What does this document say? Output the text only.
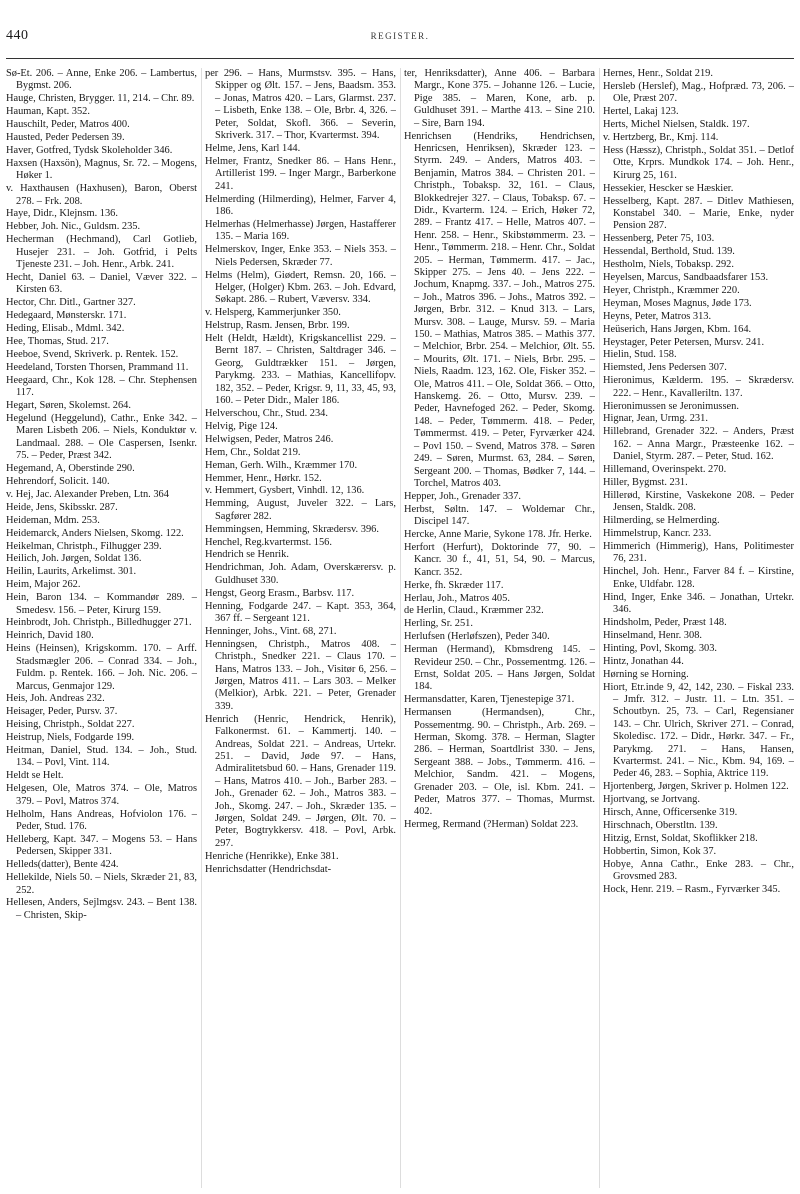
440	REGISTER.
Sø-Et. 206. – Anne, Enke 206. – Lambertus, Bygmst. 206.
Hauge, Christen, Brygger. 11, 214. – Chr. 89.
Hauman, Kapt. 352.
Hauschilt, Peder, Matros 400.
Hausted, Peder Pedersen 39.
Haver, Gotfred, Tydsk Skoleholder 346.
Haxsen (Haxsön), Magnus, Sr. 72. – Mogens, Høker 1.
v. Haxthausen (Haxhusen), Baron, Oberst 278. – Frk. 208.
Haye, Didr., Klejnsm. 136.
Hebber, Joh. Nic., Guldsm. 235.
Hecherman (Hechmand), Carl Gotlieb, Husejer 231. – Joh. Gotfrid, i Pelts Tjeneste 231. – Joh. Henr., Arbk. 241.
Hecht, Daniel 63. – Daniel, Væver 322. – Kirsten 63.
Hector, Chr. Ditl., Gartner 327.
Hedegaard, Mønsterskr. 171.
Heding, Elisab., Mdml. 342.
Hee, Thomas, Stud. 217.
Heeboe, Svend, Skriverk. p. Rentek. 152.
Heedeland, Torsten Thorsen, Prammand 11.
Heegaard, Chr., Kok 128. – Chr. Stephensen 117.
Hegart, Søren, Skolemst. 264.
Hegelund (Heggelund), Cathr., Enke 342. – Maren Lisbeth 206. – Niels, Konduktør v. Landmaal. 288. – Ole Caspersen, Isenkr. 75. – Peder, Præst 342.
Hegemand, A, Oberstinde 290.
Hehrendorf, Solicit. 140.
v. Hej, Jac. Alexander Preben, Ltn. 364
Heide, Jens, Skibsskr. 287.
Heideman, Mdm. 253.
Heidemarck, Anders Nielsen, Skomg. 122.
Heikelman, Christph., Filhugger 239.
Heilich, Joh. Jørgen, Soldat 136.
Heilin, Laurits, Arkelimst. 301.
Heim, Major 262.
Hein, Baron 134. – Kommandør 289. – Smedesv. 156. – Peter, Kirurg 159.
Heinbrodt, Joh. Christph., Billedhugger 271.
Heinrich, David 180.
Heins (Heinsen), Krigskomm. 170. – Arff. Stadsmægler 206. – Conrad 334. – Joh., Fuldm. p. Rentek. 166. – Joh. Nic. 206. – Marcus, Genmajor 129.
Heis, Joh. Andreas 232.
Heisager, Peder, Pursv. 37.
Heising, Christph., Soldat 227.
Heistrup, Niels, Fodgarde 199.
Heitman, Daniel, Stud. 134. – Joh., Stud. 134. – Povl, Vint. 114.
Heldt se Helt.
Helgesen, Ole, Matros 374. – Ole, Matros 379. – Povl, Matros 374.
Helholm, Hans Andreas, Hofviolon 176. – Peder, Stud. 176.
Helleberg, Kapt. 347. – Mogens 53. – Hans Pedersen, Skipper 331.
Helleds(datter), Bente 424.
Hellekilde, Niels 50. – Niels, Skræder 21, 83, 252.
Hellesen, Anders, Sejlmgsv. 243. – Bent 138. – Christen, Skip-
per 296. – Hans, Murmstsv. 395. – Hans, Skipper og Ølt. 157. – Jens, Baadsm. 353. – Jonas, Matros 420. – Lars, Glarmst. 237. – Lisbeth, Enke 138. – Ole, Brbr. 4, 326. – Peter, Soldat, Skofl. 366. – Severin, Skriverk. 317. – Thor, Kvartermst. 394.
Helme, Jens, Karl 144.
Helmer, Frantz, Snedker 86. – Hans Henr., Artillerist 199. – Inger Margr., Barberkone 241.
Helmerding (Hilmerding), Helmer, Farver 4, 186.
Helmerhas (Helmerhasse) Jørgen, Hastafferer 135. – Maria 169.
Helmerskov, Inger, Enke 353. – Niels 353. – Niels Pedersen, Skræder 77.
Helms (Helm), Giødert, Remsn. 20, 166. – Helger, (Holger) Kbm. 263. – Joh. Edvard, Søkapt. 286. – Rubert, Væversv. 334.
v. Helsperg, Kammerjunker 350.
Helstrup, Rasm. Jensen, Brbr. 199.
Helt (Heldt, Hældt), Krigskancellist 229. – Bernt 187. – Christen, Saltdrager 346. – Georg, Guldtrækker 151. – Jørgen, Parykmg. 233. – Mathias, Kancellifорv. 182, 352. – Peder, Krigsr. 9, 11, 33, 45, 93, 160. – Peter Didr., Maler 186.
Helverschou, Chr., Stud. 234.
Helvig, Pige 124.
Helwigsen, Peder, Matros 246.
Hem, Chr., Soldat 219.
Heman, Gerh. Wilh., Kræmmer 170.
Hemmer, Henr., Hørkr. 152.
v. Hemmert, Gysbert, Vinhdl. 12, 136.
Hemming, August, Juveler 322. – Lars, Sagfører 282.
Hemmingsen, Hemming, Skrædersv. 396.
Henchel, Reg.kvartermst. 156.
Hendrich se Henrik.
Hendrichman, Joh. Adam, Overskærersv. p. Guldhuset 330.
Hengst, Georg Erasm., Barbsv. 117.
Henning, Fodgarde 247. – Kapt. 353, 364, 367 ff. – Sergeant 121.
Henninger, Johs., Vint. 68, 271.
Henningsen, Christph., Matros 408. – Christph., Snedker 221. – Claus 170. – Hans, Matros 133. – Joh., Visitør 6, 256. – Jørgen, Matros 411. – Lars 303. – Melker (Melkior), Arbk. 221. – Peter, Grenader 339.
Henrich (Henric, Hendrick, Henrik), Falkonermst. 61. – Kammertj. 140. – Andreas, Soldat 221. – Andreas, Urtekr. 251. – David, Jøde 97. – Hans, Admiralitetsbud 60. – Hans, Grenader 119. – Hans, Matros 410. – Joh., Barber 283. – Joh., Grenader 62. – Joh., Matros 383. – Joh., Skomg. 247. – Joh., Skræder 135. – Jørgen, Soldat 249. – Jørgen, Ølt. 70. – Peter, Bogtrykkersv. 418. – Povl, Arbk. 297.
Henriche (Henrikke), Enke 381.
Henrichsdatter (Hendrichsdat-
ter, Henriksdatter), Anne 406. – Barbara Margr., Kone 375. – Johanne 126. – Lucie, Pige 385. – Maren, Kone, arb. p. Guldhuset 391. – Marthe 413. – Sine 210. – Sire, Barn 194.
Henrichsen (Hendriks, Hendrichsen, Henricsen, Henriksen), Skræder 123. – Styrm. 249. – Anders, Matros 403. – Benjamin, Matros 384. – Christen 201. – Christph., Tobaksp. 32, 161. – Claus, Blokkedrejer 327. – Claus, Tobaksp. 67. – Didr., Kvarterm. 124. – Erich, Høker 72, 289. – Frantz 417. – Helle, Matros 407. – Henr. 258. – Henr., Skibstømmerm. 23. – Henr., Tømmerm. 218. – Henr. Chr., Soldat 205. – Herman, Tømmerm. 417. – Jac., Skipper 275. – Jens 40. – Jens 222. – Jochum, Knapmg. 337. – Joh., Matros 275. – Joh., Matros 396. – Johs., Matros 392. – Jørgen, Brbr. 312. – Knud 313. – Lars, Mursv. 308. – Lauge, Mursv. 59. – Maria 150. – Mathias, Matros 385. – Mathis 377. – Melchior, Brbr. 254. – Melchior, Ølt. 55. – Mourits, Ølt. 171. – Niels, Brbr. 295. – Niels, Raadm. 123, 162. Ole, Fisker 352. – Ole, Matros 411. – Ole, Soldat 366. – Otto, Hanskemg. 26. – Otto, Mursv. 239. – Peder, Havnefoged 262. – Peder, Skomg. 148. – Peder, Tømmerm. 418. – Peder, Tømmermst. 419. – Peter, Fyrværker 424. – Povl 150. – Svend, Matros 378. – Søren 249. – Søren, Murmst. 63, 284. – Søren, Sergeant 200. – Thomas, Bødker 7, 144. – Torchel, Matros 403.
Hepper, Joh., Grenader 337.
Herbst, Søltn. 147. – Woldemar Chr., Discipel 147.
Hercke, Anne Marie, Sykone 178. Jfr. Herke.
Herfort (Herfurt), Doktorinde 77, 90. – Kancr. 30 f., 41, 51, 54, 90. – Marcus, Kancr. 352.
Herke, fh. Skræder 117.
Herlau, Joh., Matros 405.
de Herlin, Claud., Kræmmer 232.
Herling, Sr. 251.
Herlufsen (Herløfszen), Peder 340.
Herman (Hermand), Kbmsdreng 145. – Revideur 250. – Chr., Possementmg. 126. – Ernst, Soldat 205. – Hans Jørgen, Soldat 184.
Hermansdatter, Karen, Tjenestepige 371.
Hermansen (Hermandsen), Chr., Possementmg. 90. – Christph., Arb. 269. – Herman, Skomg. 378. – Herman, Slagter 286. – Herman, Soartdlrist 330. – Jens, Sergeant 388. – Jobs., Tømmerm. 416. – Melchior, Sandm. 421. – Mogens, Grenader 203. – Ole, isl. Kbm. 241. – Peder, Matros 377. – Thomas, Murmst. 402.
Hermeg, Rermand (?Herman) Soldat 223.
Hernes, Henr., Soldat 219.
Herslеb (Herslef), Mag., Hofpræd. 73, 206. – Ole, Præst 207.
Hertel, Lakaj 123.
Herts, Michel Nielsen, Staldk. 197.
v. Hertzberg, Br., Kmj. 114.
Hess (Hæssz), Christph., Soldat 351. – Detlof Otte, Krprs. Mundkok 174. – Joh. Henr., Kirurg 25, 161.
Hessekier, Hescker se Hæskier.
Hesselberg, Kapt. 287. – Ditlev Mathiesen, Konstabel 340. – Marie, Enke, nyder Pension 287.
Hessenberg, Peter 75, 103.
Hessendal, Berthold, Stud. 139.
Hestholm, Niels, Tobaksp. 292.
Heyelsen, Marcus, Sandbaadsfarer 153.
Heyer, Christph., Kræmmer 220.
Heyman, Moses Magnus, Jøde 173.
Heyns, Peter, Matros 313.
Heüserich, Hans Jørgen, Kbm. 164.
Heystager, Peter Petersen, Mursv. 241.
Hielin, Stud. 158.
Hiemsted, Jens Pedersen 307.
Hieronimus, Kælderm. 195. – Skrædersv. 222. – Henr., Kavalleriltn. 137.
Hieronimussen se Jeronimussen.
Hignar, Jean, Urmg. 231.
Hillebrand, Grenader 322. – Anders, Præst 162. – Anna Margr., Præsteenke 162. – Daniel, Styrm. 287. – Peter, Stud. 162.
Hillemand, Overinspekt. 270.
Hiller, Bygmst. 231.
Hillerød, Kirstine, Vaskekone 208. – Peder Jensen, Staldk. 208.
Hilmerding, se Helmerding.
Himmelstrup, Kancr. 233.
Himmerich (Himmerig), Hans, Politimester 76, 231.
Hinchel, Joh. Henr., Farver 84 f. – Kirstine, Enke, Uldfabr. 128.
Hind, Inger, Enke 346. – Jonathan, Urtekr. 346.
Hindsholm, Peder, Præst 148.
Hinselmand, Henr. 308.
Hinting, Povl, Skomg. 303.
Hintz, Jonathan 44.
Hørning se Horning.
Hiort, Etr.inde 9, 42, 142, 230. – Fiskal 233. – Jmfr. 312. – Justr. 11. – Ltn. 351. – Schoutbyn. 25, 73. – Carl, Regensianer 143. – Chr. Ulrich, Skriver 271. – Conrad, Skoledisc. 172. – Didr., Hørkr. 347. – Fr., Parykmg. 271. – Hans, Hansen, Kvartermst. 241. – Nic., Kbm. 94, 169. – Peder 46, 283. – Sophia, Aktrice 119.
Hjortenberg, Jørgen, Skriver p. Holmen 122.
Hjortvang, se Jortvang.
Hirsch, Anne, Officersenke 319.
Hirschnach, Oberstltn. 139.
Hitzig, Ernst, Soldat, Skoflikker 218.
Hobbertin, Simon, Kok 37.
Hobye, Anna Cathr., Enke 283. – Chr., Grovsmed 283.
Hock, Henr. 219. – Rasm., Fyrværker 345.
